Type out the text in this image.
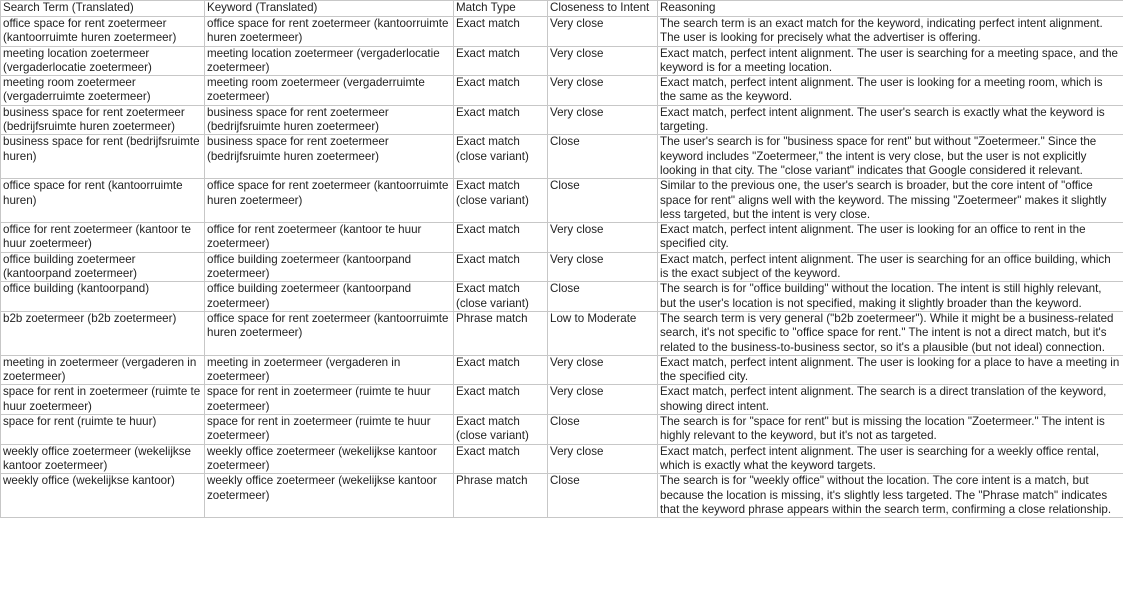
Search Term (Translated)	Keyword (Translated)	Match Type	Closeness to Intent	Reasoning
office space for rent zoetermeer (kantoorruimte huren zoetermeer)	office space for rent zoetermeer (kantoorruimte huren zoetermeer)	Exact match	Very close	The search term is an exact match for the keyword, indicating perfect intent alignment. The user is looking for precisely what the advertiser is offering.
meeting location zoetermeer (vergaderlocatie zoetermeer)	meeting location zoetermeer (vergaderlocatie zoetermeer)	Exact match	Very close	Exact match, perfect intent alignment. The user is searching for a meeting space, and the keyword is for a meeting location.
meeting room zoetermeer (vergaderruimte zoetermeer)	meeting room zoetermeer (vergaderruimte zoetermeer)	Exact match	Very close	Exact match, perfect intent alignment. The user is looking for a meeting room, which is the same as the keyword.
business space for rent zoetermeer (bedrijfsruimte huren zoetermeer)	business space for rent zoetermeer (bedrijfsruimte huren zoetermeer)	Exact match	Very close	Exact match, perfect intent alignment. The user's search is exactly what the keyword is targeting.
business space for rent (bedrijfsruimte huren)	business space for rent zoetermeer (bedrijfsruimte huren zoetermeer)	Exact match (close variant)	Close	The user's search is for "business space for rent" but without "Zoetermeer." Since the keyword includes "Zoetermeer," the intent is very close, but the user is not explicitly looking in that city. The "close variant" indicates that Google considered it relevant.
office space for rent (kantoorruimte huren)	office space for rent zoetermeer (kantoorruimte huren zoetermeer)	Exact match (close variant)	Close	Similar to the previous one, the user's search is broader, but the core intent of "office space for rent" aligns well with the keyword. The missing "Zoetermeer" makes it slightly less targeted, but the intent is very close.
office for rent zoetermeer (kantoor te huur zoetermeer)	office for rent zoetermeer (kantoor te huur zoetermeer)	Exact match	Very close	Exact match, perfect intent alignment. The user is looking for an office to rent in the specified city.
office building zoetermeer (kantoorpand zoetermeer)	office building zoetermeer (kantoorpand zoetermeer)	Exact match	Very close	Exact match, perfect intent alignment. The user is searching for an office building, which is the exact subject of the keyword.
office building (kantoorpand)	office building zoetermeer (kantoorpand zoetermeer)	Exact match (close variant)	Close	The search is for "office building" without the location. The intent is still highly relevant, but the user's location is not specified, making it slightly broader than the keyword.
b2b zoetermeer (b2b zoetermeer)	office space for rent zoetermeer (kantoorruimte huren zoetermeer)	Phrase match	Low to Moderate	The search term is very general ("b2b zoetermeer"). While it might be a business-related search, it's not specific to "office space for rent." The intent is not a direct match, but it's related to the business-to-business sector, so it's a plausible (but not ideal) connection.
meeting in zoetermeer (vergaderen in zoetermeer)	meeting in zoetermeer (vergaderen in zoetermeer)	Exact match	Very close	Exact match, perfect intent alignment. The user is looking for a place to have a meeting in the specified city.
space for rent in zoetermeer (ruimte te huur zoetermeer)	space for rent in zoetermeer (ruimte te huur zoetermeer)	Exact match	Very close	Exact match, perfect intent alignment. The search is a direct translation of the keyword, showing direct intent.
space for rent (ruimte te huur)	space for rent in zoetermeer (ruimte te huur zoetermeer)	Exact match (close variant)	Close	The search is for "space for rent" but is missing the location "Zoetermeer." The intent is highly relevant to the keyword, but it's not as targeted.
weekly office zoetermeer (wekelijkse kantoor zoetermeer)	weekly office zoetermeer (wekelijkse kantoor zoetermeer)	Exact match	Very close	Exact match, perfect intent alignment. The user is searching for a weekly office rental, which is exactly what the keyword targets.
weekly office (wekelijkse kantoor)	weekly office zoetermeer (wekelijkse kantoor zoetermeer)	Phrase match	Close	The search is for "weekly office" without the location. The core intent is a match, but because the location is missing, it's slightly less targeted. The "Phrase match" indicates that the keyword phrase appears within the search term, confirming a close relationship.
